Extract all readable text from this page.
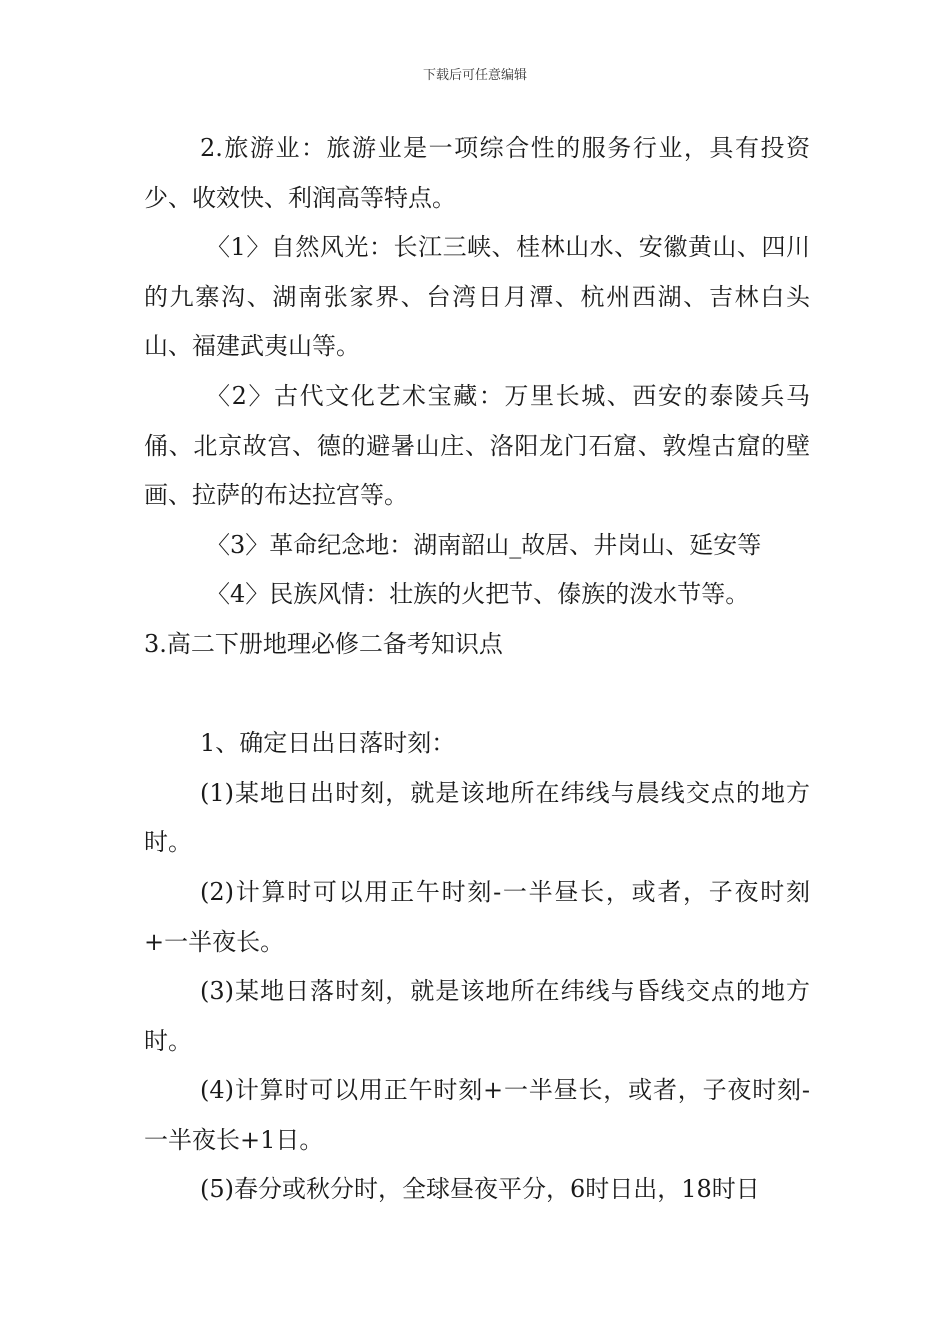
下载后可任意编辑

2.旅游业：旅游业是一项综合性的服务行业，具有投资少、收效快、利润高等特点。

〈1〉自然风光：长江三峡、桂林山水、安徽黄山、四川的九寨沟、湖南张家界、台湾日月潭、杭州西湖、吉林白头山、福建武夷山等。

〈2〉古代文化艺术宝藏：万里长城、西安的泰陵兵马俑、北京故宫、德的避暑山庄、洛阳龙门石窟、敦煌古窟的壁画、拉萨的布达拉宫等。

〈3〉革命纪念地：湖南韶山_故居、井岗山、延安等

〈4〉民族风情：壮族的火把节、傣族的泼水节等。

3.高二下册地理必修二备考知识点

1、确定日出日落时刻：

(1)某地日出时刻，就是该地所在纬线与晨线交点的地方时。

(2)计算时可以用正午时刻-一半昼长，或者，子夜时刻+一半夜长。

(3)某地日落时刻，就是该地所在纬线与昏线交点的地方时。

(4)计算时可以用正午时刻+一半昼长，或者，子夜时刻-一半夜长+1日。

(5)春分或秋分时，全球昼夜平分，6时日出，18时日
